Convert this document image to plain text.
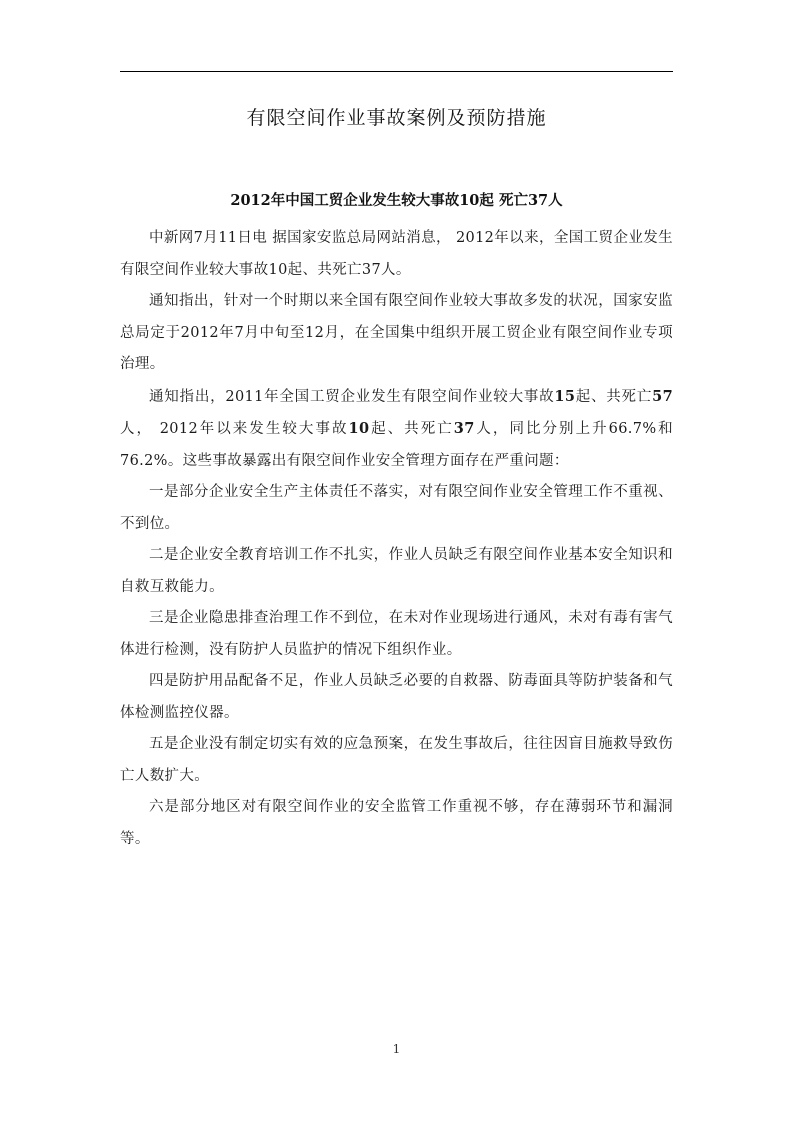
有限空间作业事故案例及预防措施
2012年中国工贸企业发生较大事故10起 死亡37人

中新网7月11日电 据国家安监总局网站消息， 2012年以来，全国工贸企业发生有限空间作业较大事故10起、共死亡37人。

通知指出，针对一个时期以来全国有限空间作业较大事故多发的状况，国家安监总局定于2012年7月中旬至12月，在全国集中组织开展工贸企业有限空间作业专项治理。

通知指出，2011年全国工贸企业发生有限空间作业较大事故15起、共死亡57人， 2012年以来发生较大事故10起、共死亡37人，同比分别上升66.7%和76.2%。这些事故暴露出有限空间作业安全管理方面存在严重问题：

一是部分企业安全生产主体责任不落实，对有限空间作业安全管理工作不重视、不到位。

二是企业安全教育培训工作不扎实，作业人员缺乏有限空间作业基本安全知识和自救互救能力。

三是企业隐患排查治理工作不到位，在未对作业现场进行通风，未对有毒有害气体进行检测，没有防护人员监护的情况下组织作业。

四是防护用品配备不足，作业人员缺乏必要的自救器、防毒面具等防护装备和气体检测监控仪器。

五是企业没有制定切实有效的应急预案，在发生事故后，往往因盲目施救导致伤亡人数扩大。

六是部分地区对有限空间作业的安全监管工作重视不够，存在薄弱环节和漏洞等。

1
